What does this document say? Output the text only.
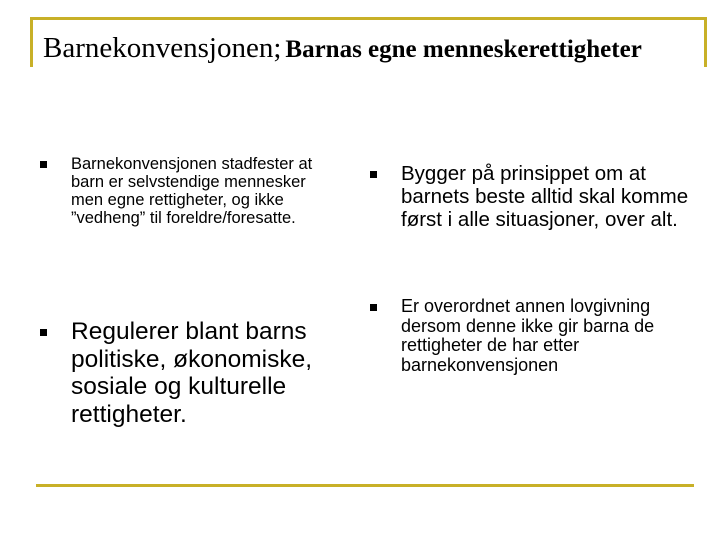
Barnekonvensjonen; Barnas egne menneskerettigheter

Barnekonvensjonen stadfester at barn er selvstendige mennesker men egne rettigheter, og ikke ”vedheng” til foreldre/foresatte.

Regulerer blant barns politiske, økonomiske, sosiale og kulturelle rettigheter.

Bygger på prinsippet om at barnets beste alltid skal komme først i alle situasjoner, over alt.

Er overordnet annen lovgivning dersom denne ikke gir barna de rettigheter de har etter barnekonvensjonen
